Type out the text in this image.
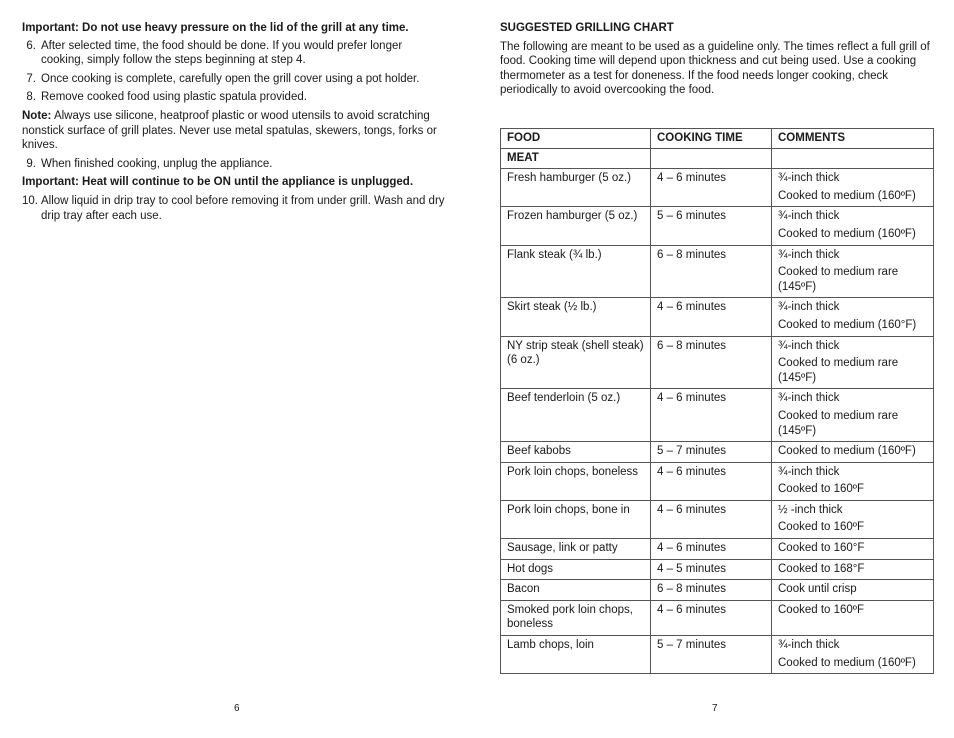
Important: Do not use heavy pressure on the lid of the grill at any time.

6. After selected time, the food should be done. If you would prefer longer cooking, simply follow the steps beginning at step 4.
7. Once cooking is complete, carefully open the grill cover using a pot holder.
8. Remove cooked food using plastic spatula provided.

Note: Always use silicone, heatproof plastic or wood utensils to avoid scratching nonstick surface of grill plates. Never use metal spatulas, skewers, tongs, forks or knives.

9. When finished cooking, unplug the appliance.

Important: Heat will continue to be ON until the appliance is unplugged.

10. Allow liquid in drip tray to cool before removing it from under grill. Wash and dry drip tray after each use.
6
SUGGESTED GRILLING CHART

The following are meant to be used as a guideline only. The times reflect a full grill of food. Cooking time will depend upon thickness and cut being used. Use a cooking thermometer as a test for doneness. If the food needs longer cooking, check periodically to avoid overcooking the food.

FOOD	COOKING TIME	COMMENTS
MEAT		
Fresh hamburger (5 oz.)	4 – 6 minutes	¾-inch thick
Cooked to medium (160ºF)

Frozen hamburger (5 oz.)	5 – 6 minutes	¾-inch thick
Cooked to medium (160ºF)

Flank steak (¾ lb.)	6 – 8 minutes	¾-inch thick
Cooked to medium rare (145ºF)

Skirt steak (½ lb.)	4 – 6 minutes	¾-inch thick
Cooked to medium (160°F)

NY strip steak (shell steak) (6 oz.)	6 – 8 minutes	¾-inch thick
Cooked to medium rare (145ºF)

Beef tenderloin (5 oz.)	4 – 6 minutes	¾-inch thick
Cooked to medium rare (145ºF)

Beef kabobs	5 – 7 minutes	Cooked to medium (160ºF)
Pork loin chops, boneless	4 – 6 minutes	¾-inch thick
Cooked to 160ºF

Pork loin chops, bone in	4 – 6 minutes	½ -inch thick
Cooked to 160ºF

Sausage, link or patty	4 – 6 minutes	Cooked to 160°F
Hot dogs	4 – 5 minutes	Cooked to 168°F
Bacon	6 – 8 minutes	Cook until crisp
Smoked pork loin chops, boneless	4 – 6 minutes	Cooked to 160ºF
Lamb chops, loin	5 – 7 minutes	¾-inch thick
Cooked to medium (160ºF)
7
